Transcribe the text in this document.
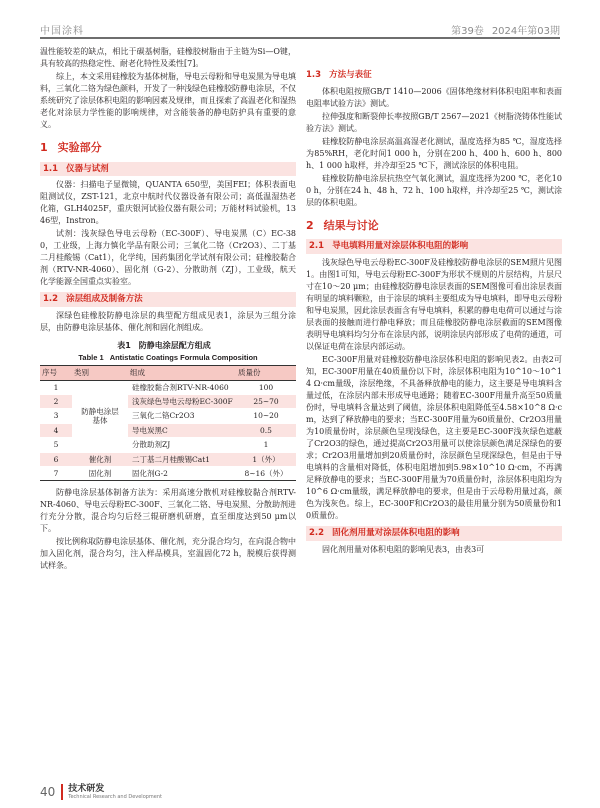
中国涂料	第39卷 2024年第03期

温性能较差的缺点，相比于碳基树脂，硅橡胶树脂由于主链为Si—O键，具有较高的热稳定性、耐老化特性及柔性[7]。

综上，本文采用硅橡胶为基体树脂，导电云母粉和导电炭黑为导电填料，三氧化二铬为绿色颜料，开发了一种浅绿色硅橡胶防静电涂层，不仅系统研究了涂层体积电阻的影响因素及规律，而且探索了高温老化和湿热老化对涂层力学性能的影响规律，对含能装备的静电防护具有重要的意义。

1 实验部分
1.1 仪器与试剂

仪器：扫描电子显微镜，QUANTA 650型，美国FEI；体积表面电阻测试仪，ZST-121，北京中航时代仪器设备有限公司；高低温湿热老化箱，GLH4025F，重庆银河试验仪器有限公司；万能材料试验机，1346型，Instron。

试剂：浅灰绿色导电云母粉（EC-300F）、导电炭黑（C）EC-380，工业级，上海力慎化学品有限公司；三氧化二铬（Cr2O3）、二丁基二月桂酸锡（Cat1），化学纯，国药集团化学试剂有限公司；硅橡胶黏合剂（RTV-NR-4060）、固化剂（G-2）、分散助剂（ZJ），工业级，航天化学能源全国重点实验室。

1.2 涂层组成及制备方法

深绿色硅橡胶防静电涂层的典型配方组成见表1，涂层为三组分涂层，由防静电涂层基体、催化剂和固化剂组成。

表1 防静电涂层配方组成
Table 1 Antistatic Coatings Formula Composition
序号	类别	组成	质量份
1	防静电涂层基体	硅橡胶黏合剂RTV-NR-4060	100
2		浅灰绿色导电云母粉EC-300F	25~70
3		三氧化二铬Cr2O3	10~20
4		导电炭黑C	0.5
5		分散助剂ZJ	1
6	催化剂	二丁基二月桂酸锡Cat1	1（外）
7	固化剂	固化剂G-2	8~16（外）

防静电涂层基体制备方法为：采用高速分散机对硅橡胶黏合剂RTV-NR-4060、导电云母粉EC-300F、三氧化二铬、导电炭黑、分散助剂进行充分分散，混合均匀后经三辊研磨机研磨，直至细度达到50 μm以下。

按比例称取防静电涂层基体、催化剂，充分混合均匀，在向混合物中加入固化剂，混合均匀，注入样品模具，室温固化72 h，脱模后获得测试样条。

1.3 方法与表征

体积电阻按照GB/T 1410—2006《固体绝缘材料体积电阻率和表面电阻率试验方法》测试。

拉伸强度和断裂伸长率按照GB/T 2567—2021《树脂浇铸体性能试验方法》测试。

硅橡胶防静电涂层高温高湿老化测试，温度选择为85 ℃，湿度选择为85%RH，老化时间1 000 h，分别在200 h、400 h、600 h、800 h、1 000 h取样，并冷却至25 ℃下，测试涂层的体积电阻。

硅橡胶防静电涂层抗热空气氧化测试，温度选择为200 ℃，老化100 h，分别在24 h、48 h、72 h、100 h取样，并冷却至25 ℃，测试涂层的体积电阻。

2 结果与讨论
2.1 导电填料用量对涂层体积电阻的影响

浅灰绿色导电云母粉EC-300F及硅橡胶防静电涂层的SEM照片见图1。由图1可知，导电云母粉EC-300F为形状不规则的片层结构，片层尺寸在10～20 μm；由硅橡胶防静电涂层表面的SEM图像可看出涂层表面有明显的填料颗粒，由于涂层的填料主要组成为导电填料，即导电云母粉和导电炭黑，因此涂层表面含有导电填料，积累的静电电荷可以通过与涂层表面的接触而进行静电释放；而且硅橡胶防静电涂层截面的SEM图像表明导电填料均匀分布在涂层内部，说明涂层内部形成了电荷的通道，可以保证电荷在涂层内部运动。

EC-300F用量对硅橡胶防静电涂层体积电阻的影响见表2。由表2可知，EC-300F用量在40质量份以下时，涂层体积电阻为10^10～10^14 Ω·cm量级，涂层绝缘，不具备释放静电的能力，这主要是导电填料含量过低，在涂层内部未形成导电通路；随着EC-300F用量升高至50质量份时，导电填料含量达到了阈值，涂层体积电阻降低至4.58×10^8 Ω·cm，达到了释放静电的要求；当EC-300F用量为60质量份、Cr2O3用量为10质量份时，涂层颜色呈现浅绿色，这主要是EC-300F浅灰绿色遮蔽了Cr2O3的绿色，通过提高Cr2O3用量可以使涂层颜色满足深绿色的要求；Cr2O3用量增加到20质量份时，涂层颜色呈现深绿色，但是由于导电填料的含量相对降低，体积电阻增加到5.98×10^10 Ω·cm，不再满足释放静电的要求；当EC-300F用量为70质量份时，涂层体积电阻均为10^6 Ω·cm量级，满足释放静电的要求，但是由于云母粉用量过高，颜色为浅灰色。综上，EC-300F和Cr2O3的最佳用量分别为50质量份和10质量份。

2.2 固化剂用量对涂层体积电阻的影响

固化剂用量对体积电阻的影响见表3，由表3可

40 技术研发
Technical Research and Development
